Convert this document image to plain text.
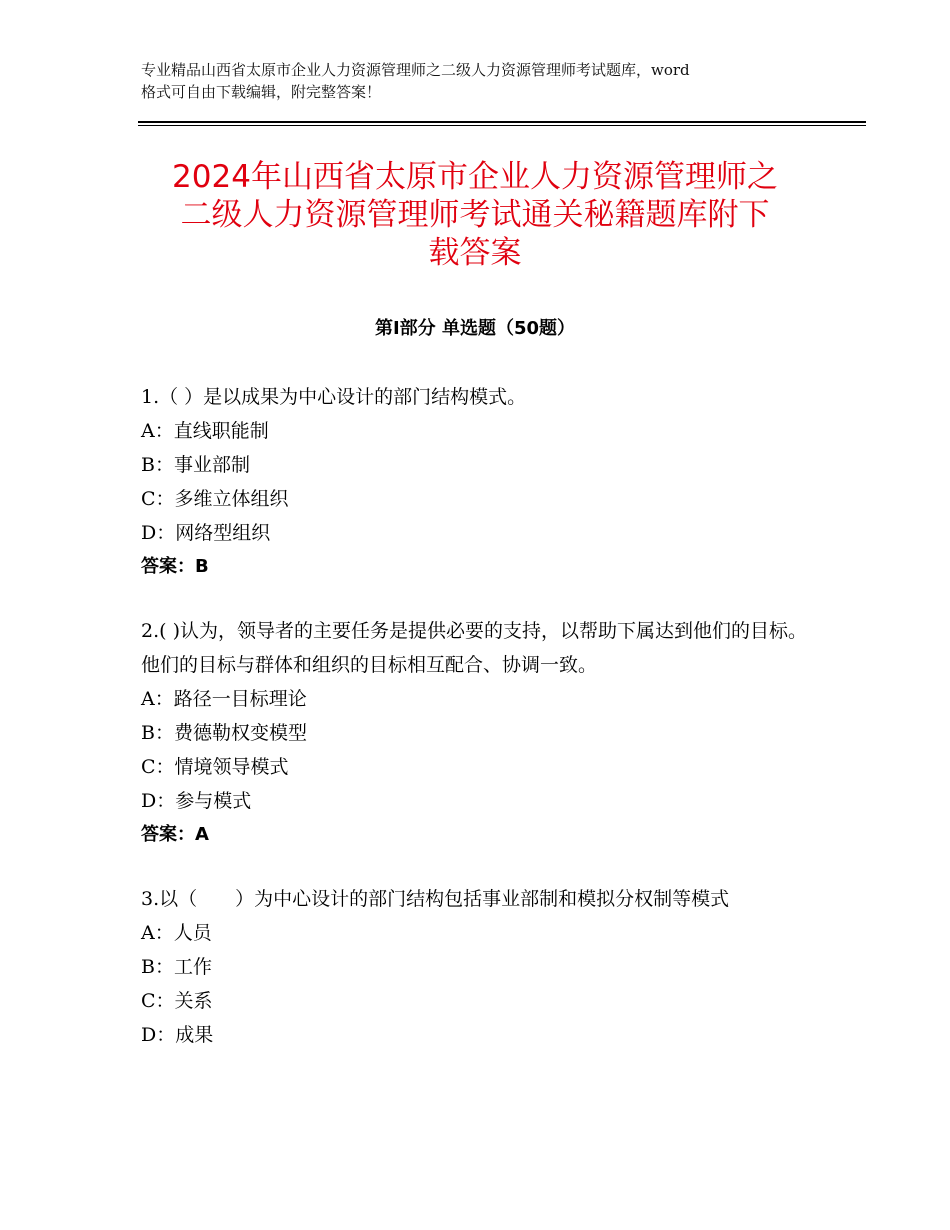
专业精品山西省太原市企业人力资源管理师之二级人力资源管理师考试题库，word
格式可自由下载编辑，附完整答案！
2024年山西省太原市企业人力资源管理师之
二级人力资源管理师考试通关秘籍题库附下
载答案
第Ⅰ部分 单选题（50题）

1.（ ）是以成果为中心设计的部门结构模式。

A：直线职能制

B：事业部制

C：多维立体组织

D：网络型组织

答案：B

2.( )认为，领导者的主要任务是提供必要的支持，以帮助下属达到他们的目标。他们的目标与群体和组织的目标相互配合、协调一致。

A：路径一目标理论

B：费德勒权变模型

C：情境领导模式

D：参与模式

答案：A

3.以（　　）为中心设计的部门结构包括事业部制和模拟分权制等模式

A：人员

B：工作

C：关系

D：成果
